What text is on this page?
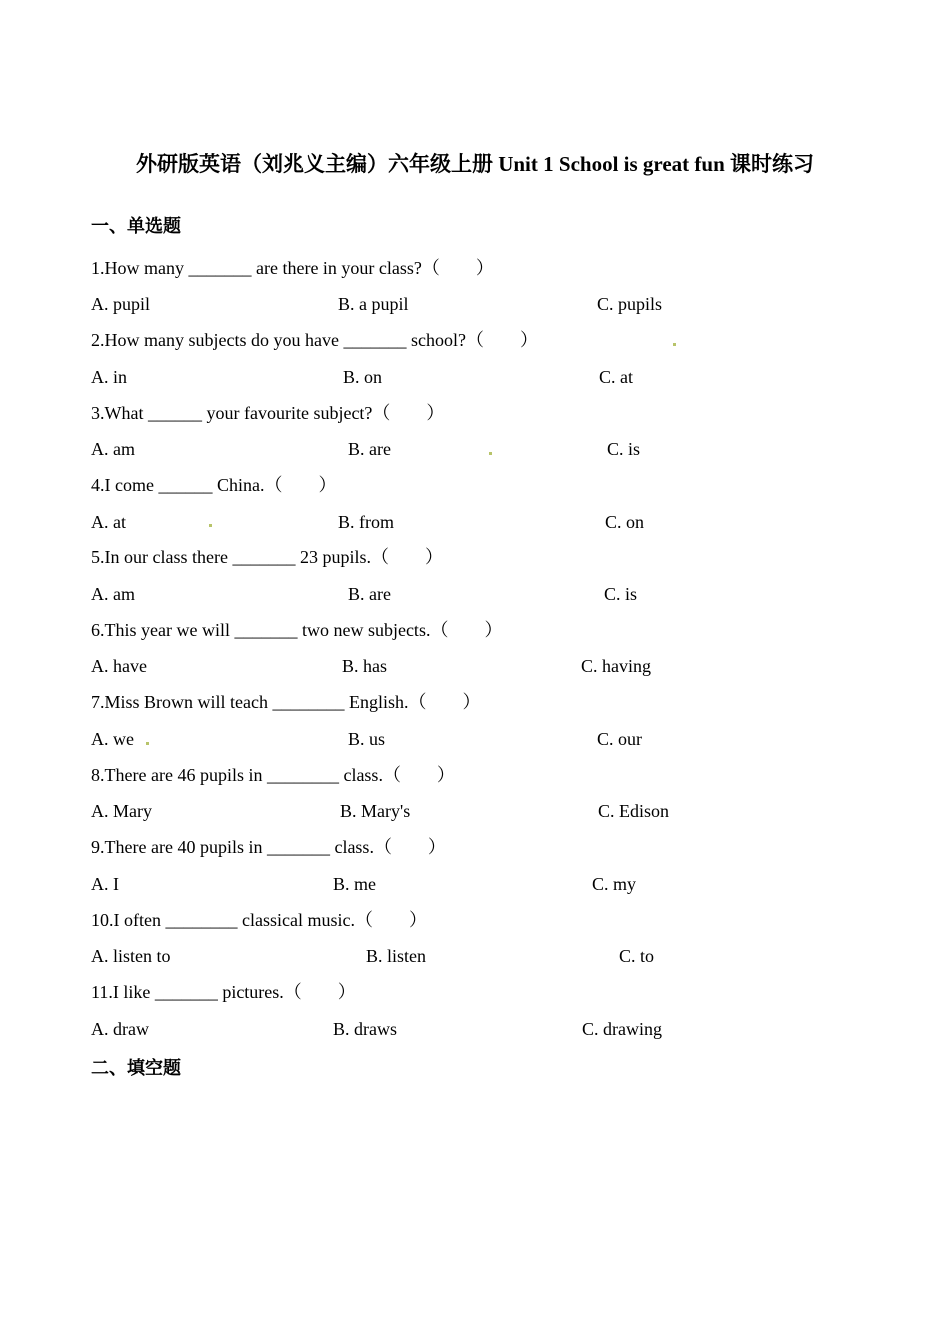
外研版英语（刘兆义主编）六年级上册 Unit 1 School is great fun 课时练习
一、单选题
1.How many _______ are there in your class?（　　）
A. pupil	B. a pupil	C. pupils
2.How many subjects do you have _______ school?（　　）
A. in	B. on	C. at
3.What ______ your favourite subject?（　　）
A. am	B. are	C. is
4.I come ______ China.（　　）
A. at	B. from	C. on
5.In our class there _______ 23 pupils.（　　）
A. am	B. are	C. is
6.This year we will _______ two new subjects.（　　）
A. have	B. has	C. having
7.Miss Brown will teach ________ English.（　　）
A. we	B. us	C. our
8.There are 46 pupils in ________ class.（　　）
A. Mary	B. Mary's	C. Edison
9.There are 40 pupils in _______ class.（　　）
A. I	B. me	C. my
10.I often ________ classical music.（　　）
A. listen to	B. listen	C. to
11.I like _______ pictures.（　　）
A. draw	B. draws	C. drawing
二、填空题
